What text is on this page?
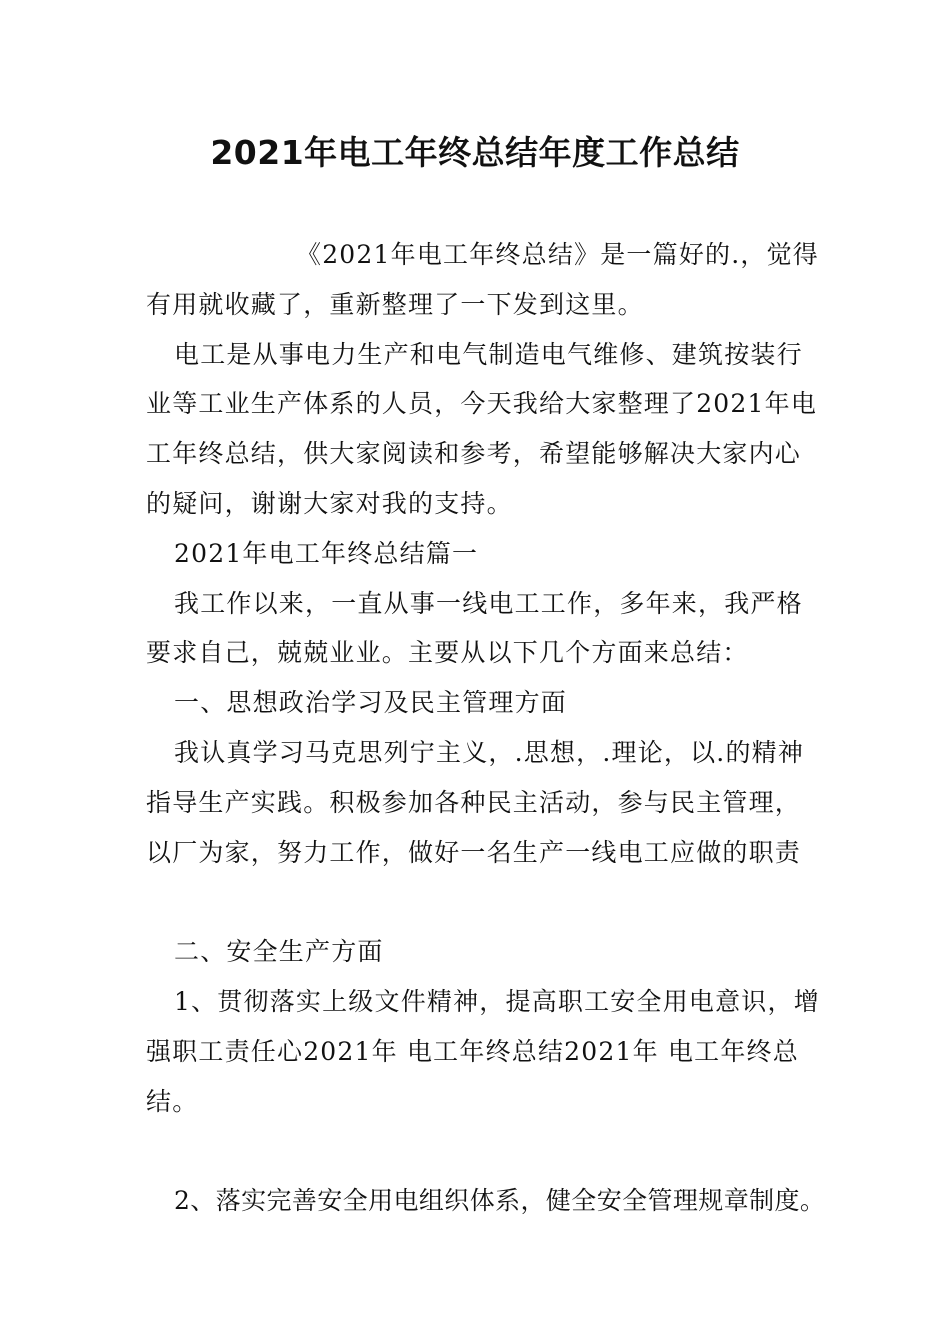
2021年电工年终总结年度工作总结

《2021年电工年终总结》是一篇好的.，觉得有用就收藏了，重新整理了一下发到这里。

电工是从事电力生产和电气制造电气维修、建筑按装行业等工业生产体系的人员，今天我给大家整理了2021年电工年终总结，供大家阅读和参考，希望能够解决大家内心的疑问，谢谢大家对我的支持。

2021年电工年终总结篇一

我工作以来，一直从事一线电工工作，多年来，我严格要求自己，兢兢业业。主要从以下几个方面来总结：

一、思想政治学习及民主管理方面

我认真学习马克思列宁主义，.思想，.理论，以.的精神指导生产实践。积极参加各种民主活动，参与民主管理，以厂为家，努力工作，做好一名生产一线电工应做的职责

二、安全生产方面

1、贯彻落实上级文件精神，提高职工安全用电意识，增强职工责任心2021年 电工年终总结2021年 电工年终总结。

2、落实完善安全用电组织体系，健全安全管理规章制度。
